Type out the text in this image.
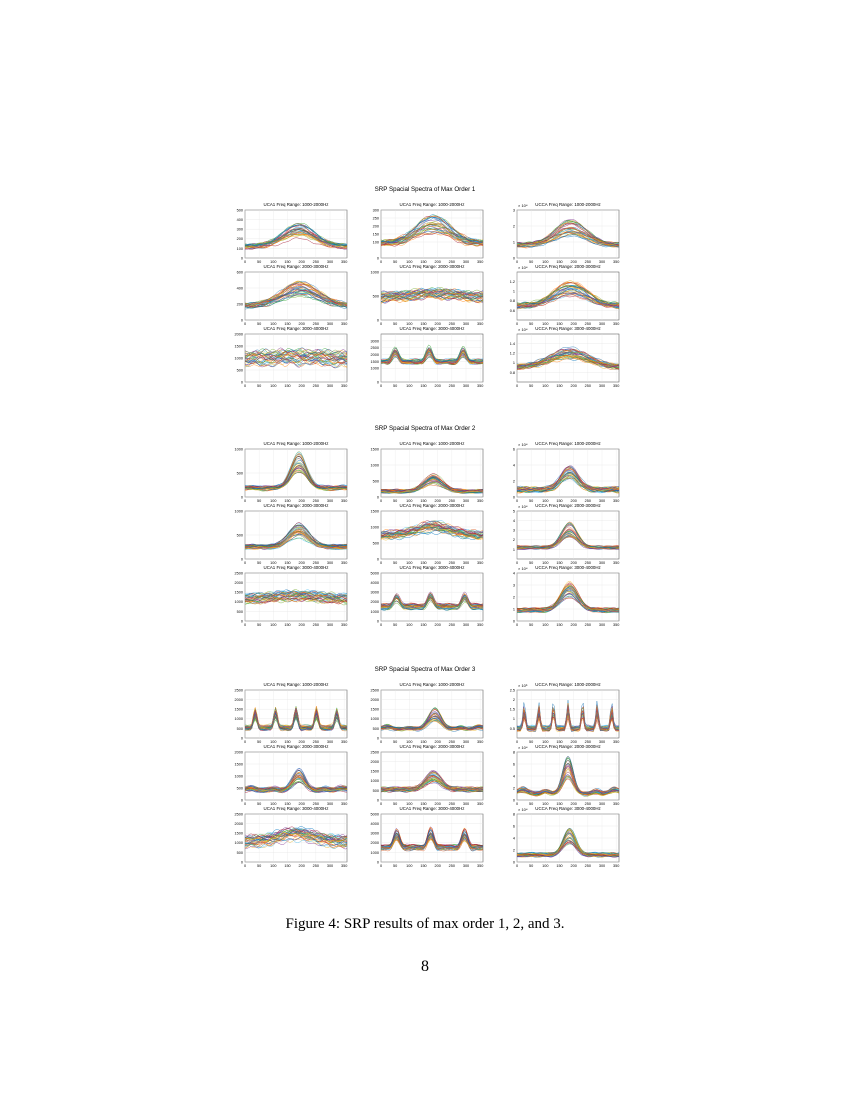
SRP Spacial Spectra of Max Order 1
UCA1 Freq Range: 1000-2000Hz
0
100
200
300
400
500
0	50 100 150 200 250 300 350
UCA1 Freq Range: 1000-2000Hz
0
100
150
200
250
300
0	50 100 150 200 250 300 350
UCCA Freq Range: 1000-2000Hz
× 10⁴
0
1
2
3
0	50 100 150 200 250 300 350
UCA1 Freq Range: 2000-3000Hz
0
200
400
600
0	50 100 150 200 250 300 350
UCA1 Freq Range: 2000-3000Hz
0
500
1000
0	50 100 150 200 250 300 350
UCCA Freq Range: 2000-3000Hz
× 10⁴
0.6
0.8
1
1.2
0	50 100 150 200 250 300 350
UCA1 Freq Range: 3000-4000Hz
0
500
1000
1500
2000
0	50 100 150 200 250 300 350
UCA1 Freq Range: 3000-4000Hz
0
1000
1500
2000
2500
3000
0	50 100 150 200 250 300 350
UCCA Freq Range: 3000-4000Hz
× 10⁴
0.8
1
1.2
1.4
0	50 100 150 200 250 300 350
SRP Spacial Spectra of Max Order 2
UCA1 Freq Range: 1000-2000Hz
0
500
1000
0	50 100 150 200 250 300 350
UCA1 Freq Range: 1000-2000Hz
0
500
1000
1500
0	50 100 150 200 250 300 350
UCCA Freq Range: 1000-2000Hz
× 10⁴
0
2
4
6
0	50 100 150 200 250 300 350
UCA1 Freq Range: 2000-3000Hz
0
500
1000
0	50 100 150 200 250 300 350
UCA1 Freq Range: 2000-3000Hz
0
500
1000
1500
0	50 100 150 200 250 300 350
UCCA Freq Range: 2000-3000Hz
× 10⁴
1
2
3
4
5
0	50 100 150 200 250 300 350
UCA1 Freq Range: 3000-4000Hz
0
500
1000
1500
2000
2500
0	50 100 150 200 250 300 350
UCA1 Freq Range: 3000-4000Hz
0
1000
2000
3000
4000
5000
0	50 100 150 200 250 300 350
UCCA Freq Range: 3000-4000Hz
× 10⁴
0
1
2
3
4
0	50 100 150 200 250 300 350
SRP Spacial Spectra of Max Order 3
UCA1 Freq Range: 1000-2000Hz
0
500
1000
1500
2000
2500
0	50 100 150 200 250 300 350
UCA1 Freq Range: 1000-2000Hz
0
500
1000
1500
2000
2500
0	50 100 150 200 250 300 350
UCCA Freq Range: 1000-2000Hz
× 10⁵
0.5
1
1.5
2
2.5
0	50 100 150 200 250 300 350
UCA1 Freq Range: 2000-3000Hz
0
500
1000
1500
2000
0	50 100 150 200 250 300 350
UCA1 Freq Range: 2000-3000Hz
0
500
1000
1500
2000
2500
0	50 100 150 200 250 300 350
UCCA Freq Range: 2000-3000Hz
× 10⁴
0
2
4
6
8
0	50 100 150 200 250 300 350
UCA1 Freq Range: 3000-4000Hz
0
500
1000
1500
2000
2500
0	50 100 150 200 250 300 350
UCA1 Freq Range: 3000-4000Hz
0
1000
2000
3000
4000
5000
0	50 100 150 200 250 300 350
UCCA Freq Range: 3000-4000Hz
× 10⁴
0
2
4
6
8
0	50 100 150 200 250 300 350
Figure 4: SRP results of max order 1, 2, and 3.
8
